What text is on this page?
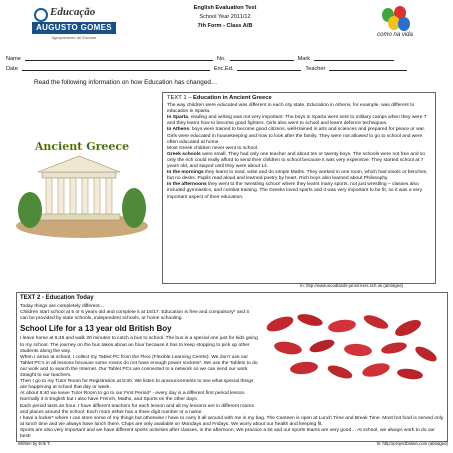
Educação
AUGUSTO GOMES
Agrupamento de Escolas
English Evaluation Test
School Year 2011/12
7th Form - Class A/B
como na vida
Name	No.	Mark
Date	Enc.Ed.	Teacher
Read the following information on how Education has changed…
Ancient Greece
TEXT 1 – Education in Ancient Greece

The way children were educated was different in each city state. Education in Athens, for example, was different to education in Sparta.

In Sparta, reading and writing was not very important. The boys in Sparta were sent to military camps when they were 7 and they learnt how to become good fighters. Girls also went to school and learnt defence techniques.

In Athens, boys were trained to become good citizens, well-trained in arts and sciences and prepared for peace or war.

Girls were educated in housekeeping and how to look after the family. They were not allowed to go to school and were often educated at home.

Most Greek children never went to school.

Greek schools were small. They had only one teacher and about ten or twenty boys. The schools were not free and so only the rich could really afford to send their children to school because it was very expensive. They started school at 7 years old, and stayed until they were about 14.

In the mornings they learnt to read, write and do simple Maths. They worked in one room, which had stools or benches, but no desks. Pupils read aloud and learned poetry by heart. Rich boys also learned about Philosophy.

In the afternoons they went to the 'wrestling school' where they learnt many sports, not just wrestling – classes also included gymnastics, and combat training. The Greeks loved sports and it was very important to be fit, so it was a very important aspect of their education.

In: http://www.woodlands-junior.kent.sch.uk (abridged)
TEXT 2 - Education Today

Today things are completely different…

Children start school at 5 or 6 years old and complete it at 16/17. Education is free and compulsory* and it can be provided by state schools, independent schools, or home schooling.

School Life for a 13 year old British Boy

I leave home at 6:45 and walk 20 minutes to catch a bus to school. The bus is a special one just for kids going to my school. The journey on the bus takes about an hour because it has to keep stopping to pick up other students along the way.

When I arrive at school, I collect my Tablet PC from the Flexi (Flexible Learning Centre). We don't use our Tablet PC's in all lessons because some rooms do not have enough power sockets*. We use the Tablets to do our work and to search the Internet. Our Tablet PCs are connected to a network so we can send our work straight to our teachers.

Then I go to my Tutor Room for Registration at 8:30. We listen to announcements to see what special things are happening at school that day or week.

At about 8:40 we leave Tutor Room to go to our First Period* - every day is a different first period lesson. Normally it is English but I also have French, Maths, and Sports on the other days.

Each period lasts an hour. I have different teachers for each lesson and all my lessons are in different rooms and places around the school. Each room either has a three digit number or a name.

I have a locker* where I can store some of my things but otherwise I have to carry it all around with me in my bag. The Canteen is open at Lunch Time and Break Time. Most hot food is served only at lunch time and we always have lunch there. Chips are only available on Mondays and Fridays. We worry about our health and keeping fit.

Sports are also very important and we have different sports activities after classes, in the afternoon. We practice a lot and our sports teams are very good… At school, we always work to do our best!

Written by Erik T.	In: http://projectbritain.com (abridged)
